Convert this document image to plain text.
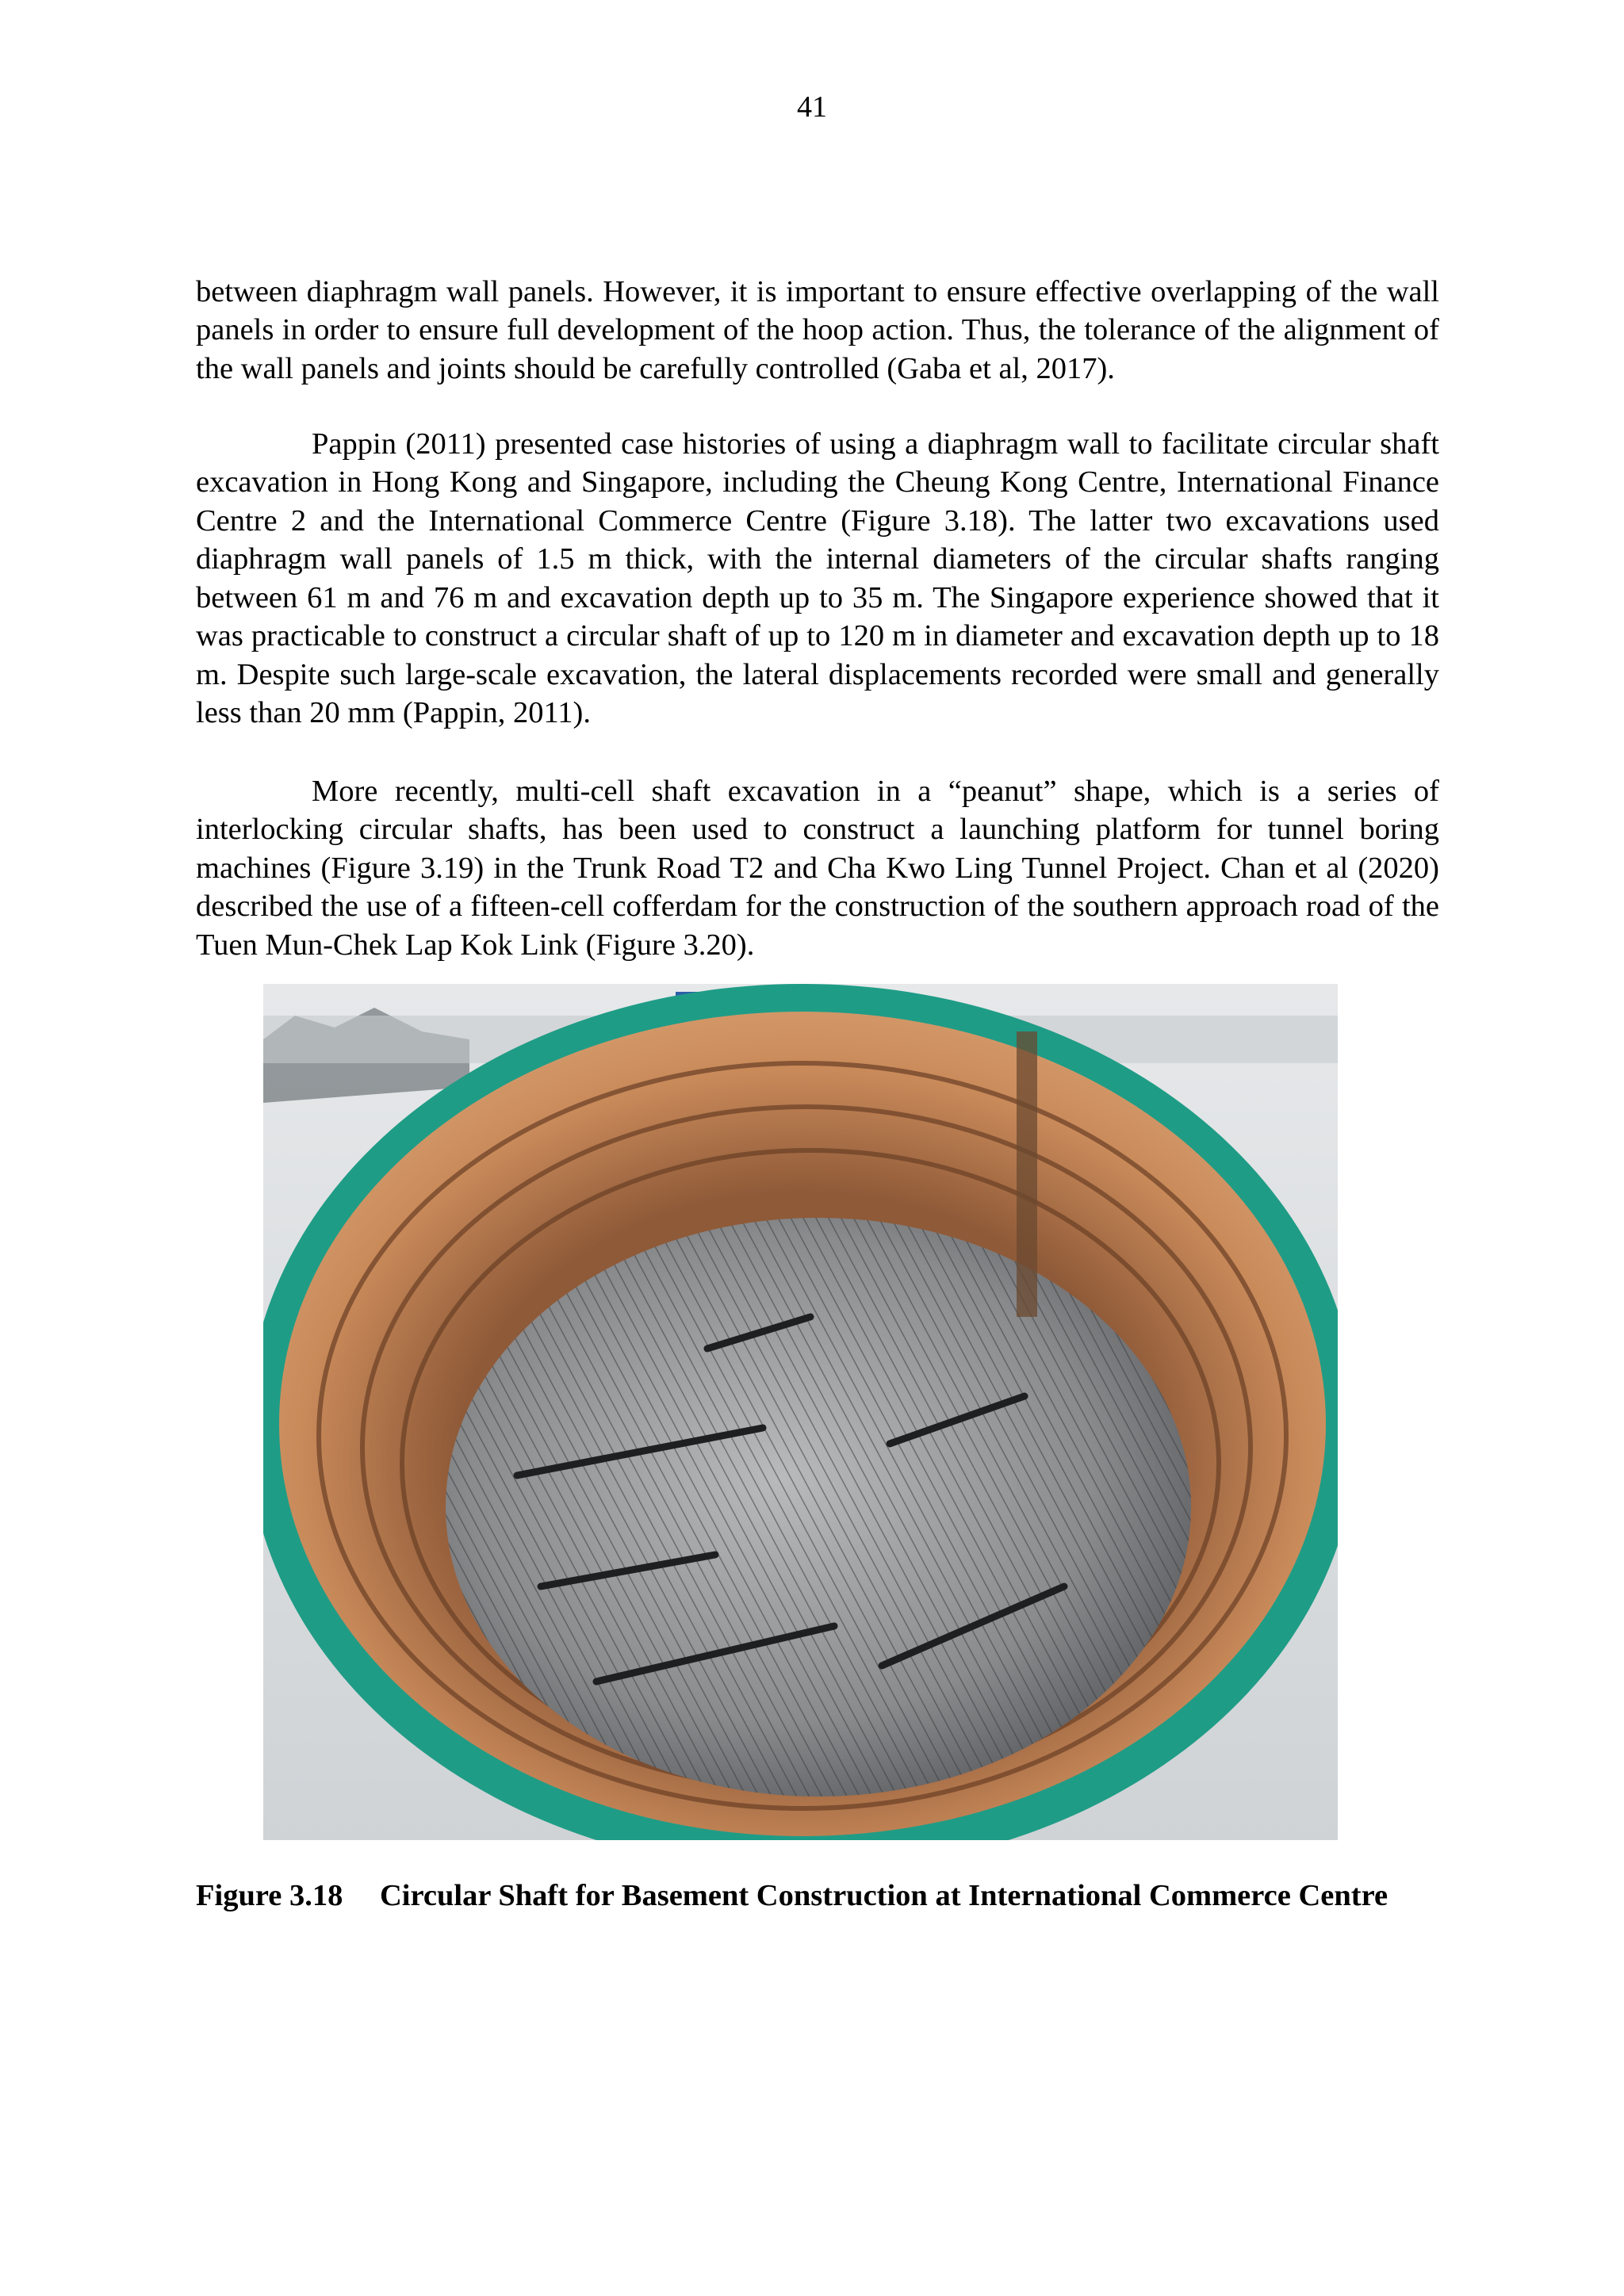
41

between diaphragm wall panels. However, it is important to ensure effective overlapping of the wall panels in order to ensure full development of the hoop action. Thus, the tolerance of the alignment of the wall panels and joints should be carefully controlled (Gaba et al, 2017).

Pappin (2011) presented case histories of using a diaphragm wall to facilitate circular shaft excavation in Hong Kong and Singapore, including the Cheung Kong Centre, International Finance Centre 2 and the International Commerce Centre (Figure 3.18). The latter two excavations used diaphragm wall panels of 1.5 m thick, with the internal diameters of the circular shafts ranging between 61 m and 76 m and excavation depth up to 35 m. The Singapore experience showed that it was practicable to construct a circular shaft of up to 120 m in diameter and excavation depth up to 18 m. Despite such large-scale excavation, the lateral displacements recorded were small and generally less than 20 mm (Pappin, 2011).

More recently, multi-cell shaft excavation in a “peanut” shape, which is a series of interlocking circular shafts, has been used to construct a launching platform for tunnel boring machines (Figure 3.19) in the Trunk Road T2 and Cha Kwo Ling Tunnel Project. Chan et al (2020) described the use of a fifteen-cell cofferdam for the construction of the southern approach road of the Tuen Mun-Chek Lap Kok Link (Figure 3.20).

Figure 3.18	Circular Shaft for Basement Construction at International Commerce Centre
